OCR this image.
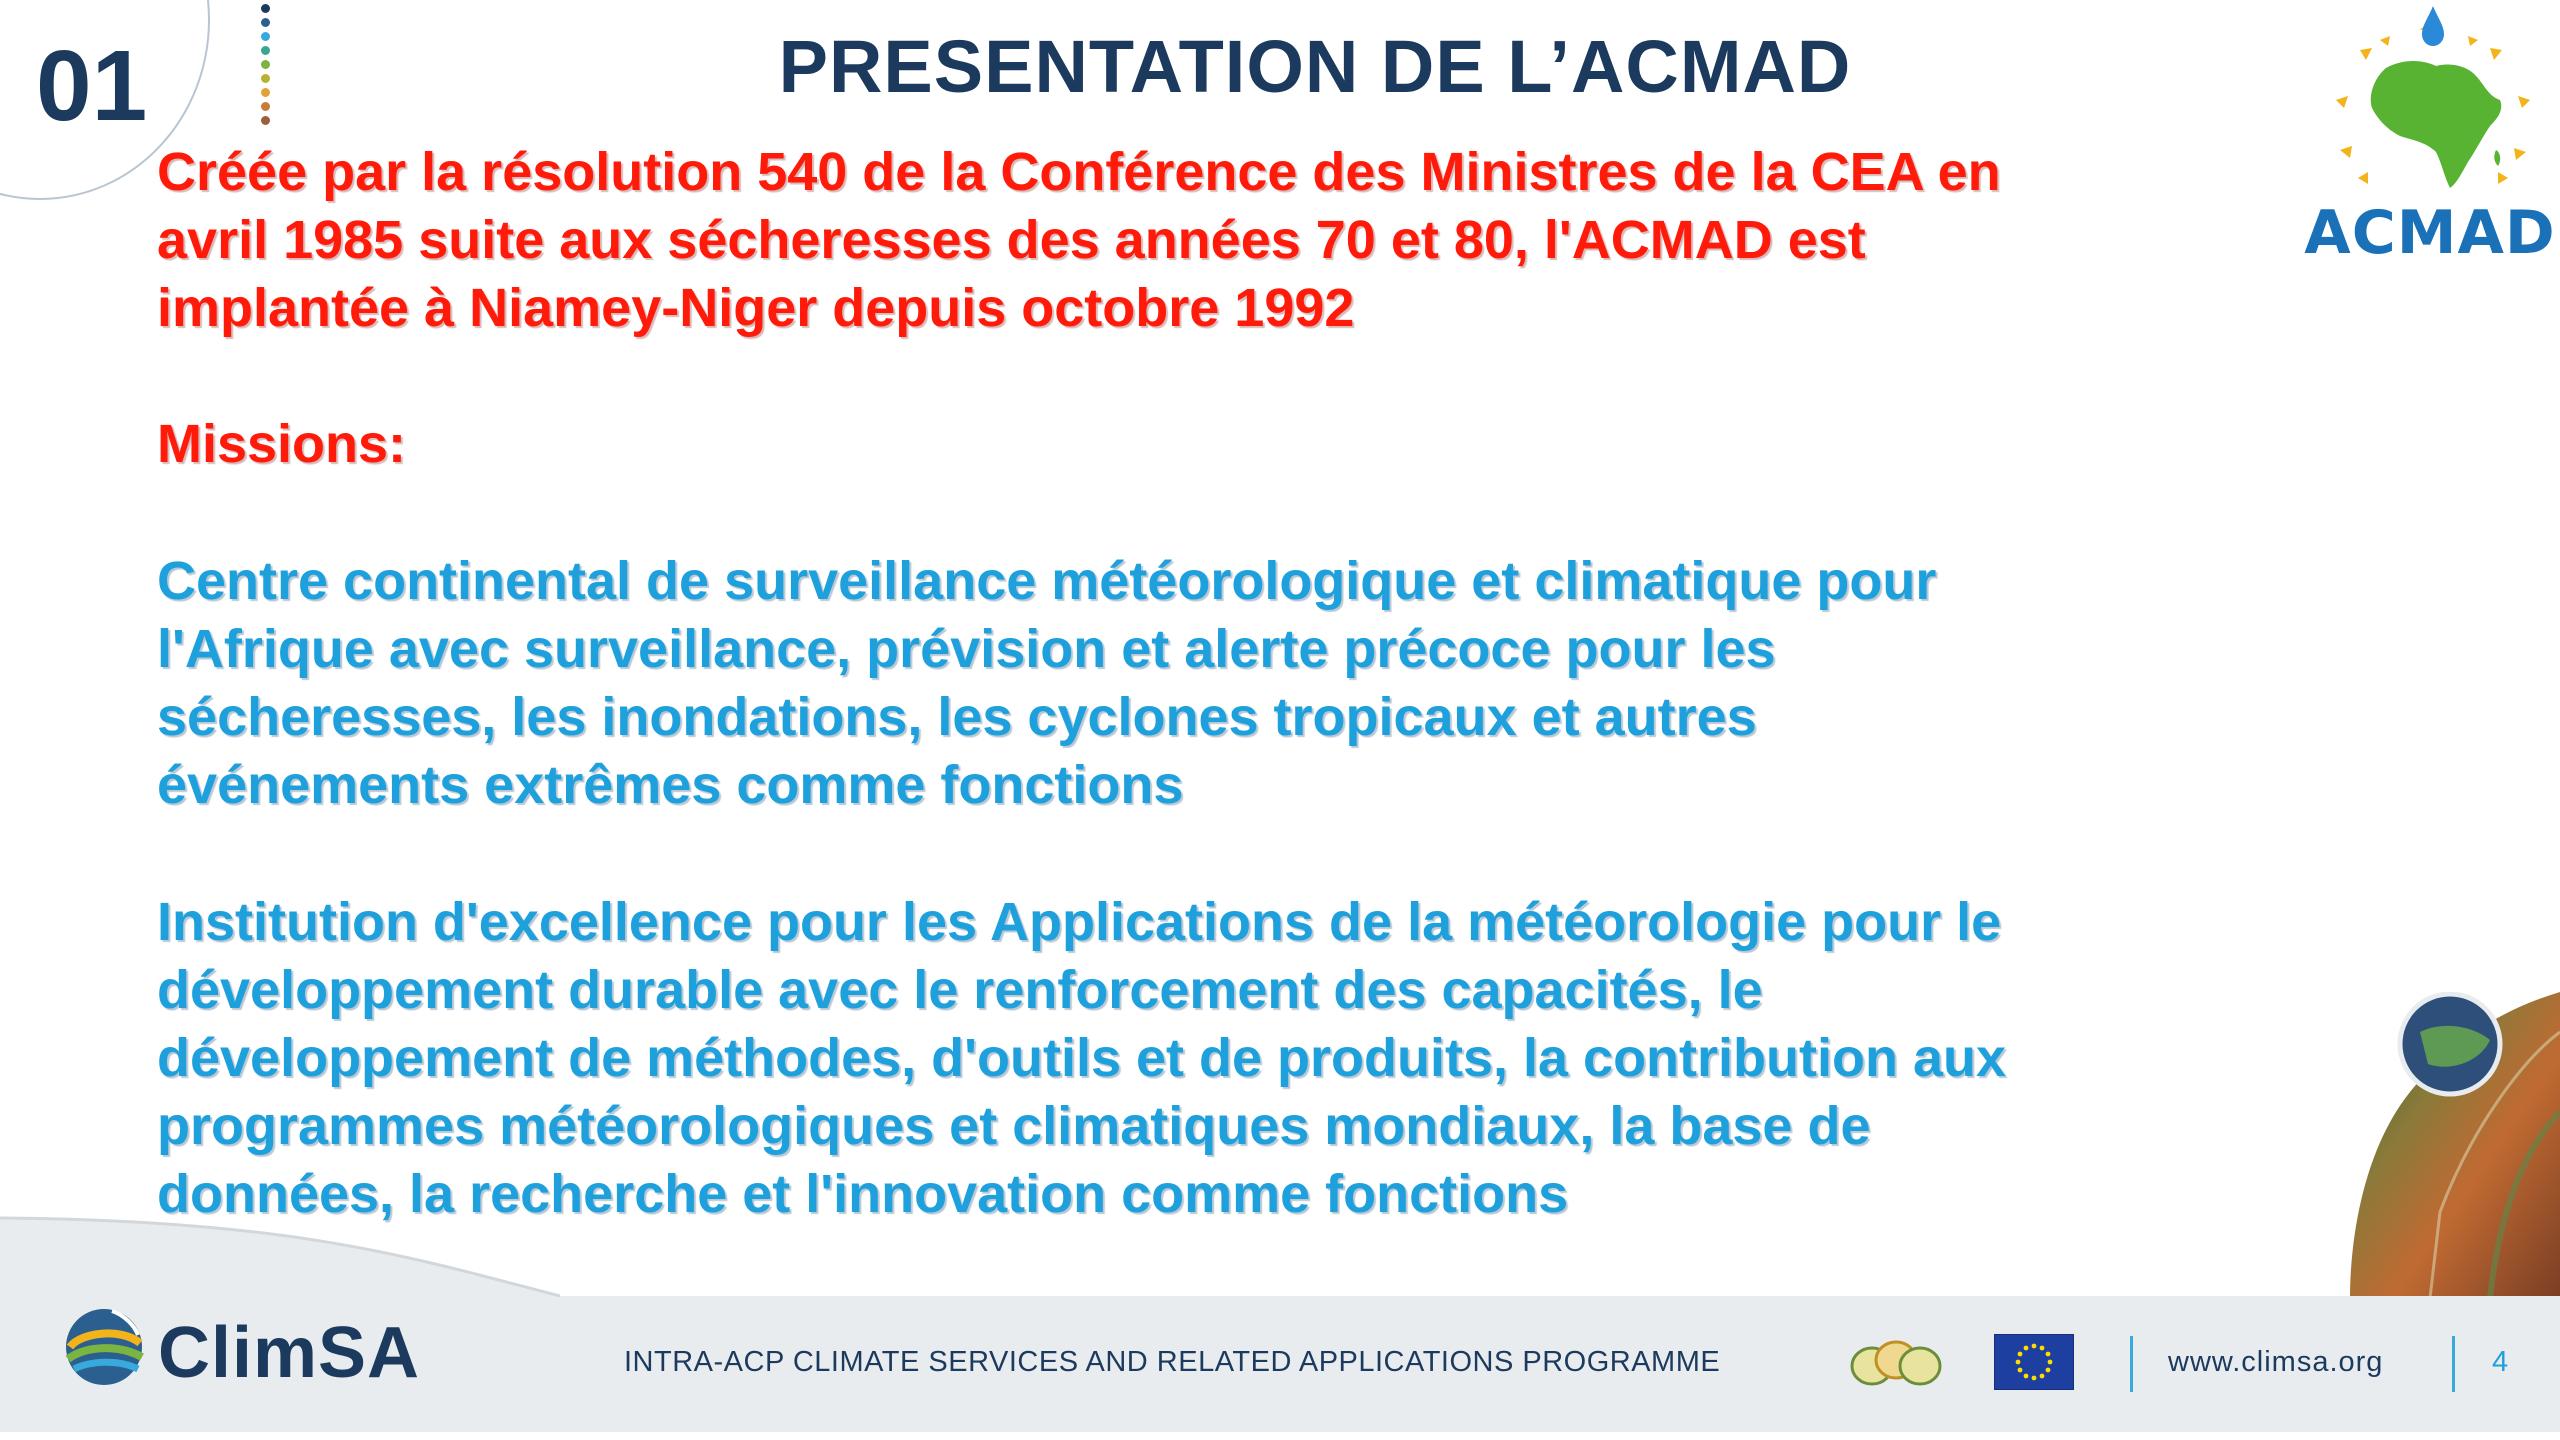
01	PRESENTATION DE L’ACMAD
ACMAD
Créée par la résolution 540 de la Conférence des Ministres de la CEA en
avril 1985 suite aux sécheresses des années 70 et 80, l'ACMAD est
implantée à Niamey-Niger depuis octobre 1992
Missions:
Centre continental de surveillance météorologique et climatique pour
l'Afrique avec surveillance, prévision et alerte précoce pour les
sécheresses, les inondations, les cyclones tropicaux et autres
événements extrêmes comme fonctions
Institution d'excellence pour les Applications de la météorologie pour le
développement durable avec le renforcement des capacités, le
développement de méthodes, d'outils et de produits, la contribution aux
programmes météorologiques et climatiques mondiaux, la base de
données, la recherche et l'innovation comme fonctions
ClimSA	INTRA-ACP CLIMATE SERVICES AND RELATED APPLICATIONS PROGRAMME	www.climsa.org	4
